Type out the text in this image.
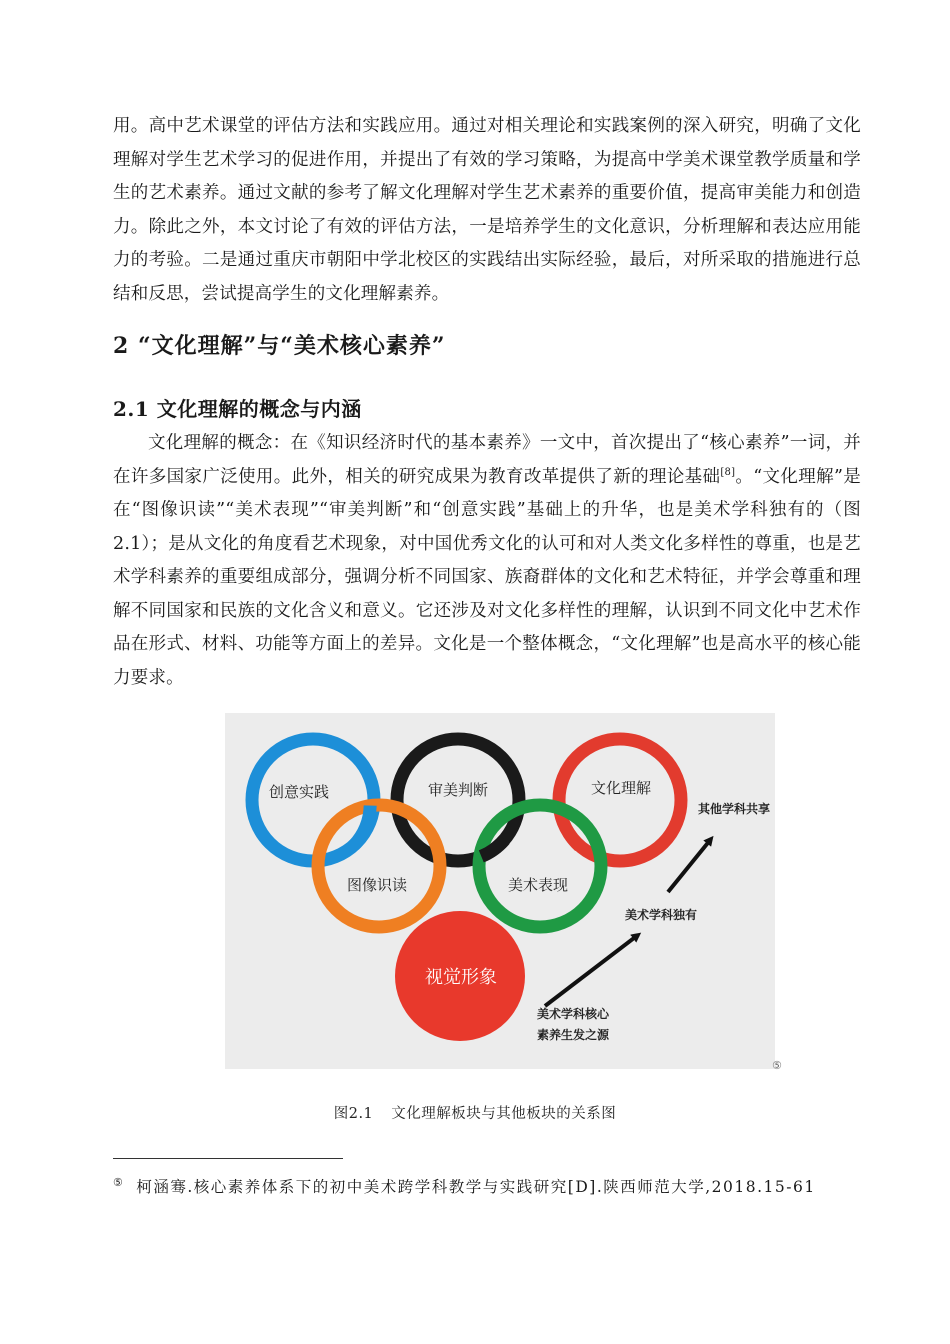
用。高中艺术课堂的评估方法和实践应用。通过对相关理论和实践案例的深入研究，明确了文化理解对学生艺术学习的促进作用，并提出了有效的学习策略，为提高中学美术课堂教学质量和学生的艺术素养。通过文献的参考了解文化理解对学生艺术素养的重要价值，提高审美能力和创造力。除此之外，本文讨论了有效的评估方法，一是培养学生的文化意识，分析理解和表达应用能力的考验。二是通过重庆市朝阳中学北校区的实践结出实际经验，最后，对所采取的措施进行总结和反思，尝试提高学生的文化理解素养。

2 “文化理解”与“美术核心素养”
2.1 文化理解的概念与内涵

文化理解的概念：在《知识经济时代的基本素养》一文中，首次提出了“核心素养”一词，并在许多国家广泛使用。此外，相关的研究成果为教育改革提供了新的理论基础[8]。“文化理解”是在“图像识读”“美术表现”“审美判断”和“创意实践”基础上的升华，也是美术学科独有的（图2.1）；是从文化的角度看艺术现象，对中国优秀文化的认可和对人类文化多样性的尊重，也是艺术学科素养的重要组成部分，强调分析不同国家、族裔群体的文化和艺术特征，并学会尊重和理解不同国家和民族的文化含义和意义。它还涉及对文化多样性的理解，认识到不同文化中艺术作品在形式、材料、功能等方面上的差异。文化是一个整体概念，“文化理解”也是高水平的核心能力要求。

创意实践	审美判断	文化理解
图像识读	美术表现
视觉形象
其他学科共享
美术学科独有
美术学科核心
素养生发之源
⑤
图2.1 文化理解板块与其他板块的关系图

⑤ 柯涵骞.核心素养体系下的初中美术跨学科教学与实践研究[D].陕西师范大学,2018.15-61
